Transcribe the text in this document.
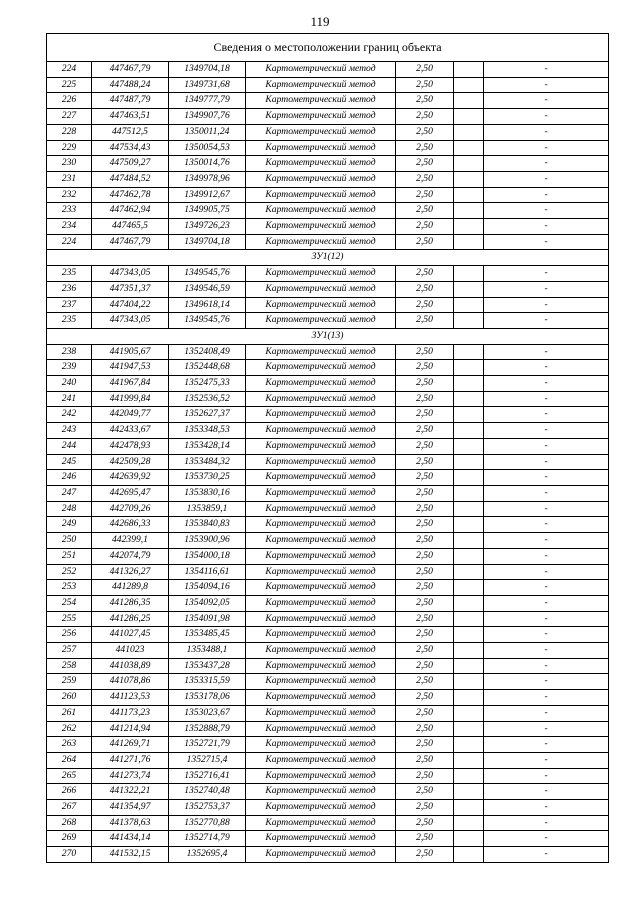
119
Сведения о местоположении границ объекта						
224	447467,79	1349704,18	Картометрический метод	2,50		-
225	447488,24	1349731,68	Картометрический метод	2,50		-
226	447487,79	1349777,79	Картометрический метод	2,50		-
227	447463,51	1349907,76	Картометрический метод	2,50		-
228	447512,5	1350011,24	Картометрический метод	2,50		-
229	447534,43	1350054,53	Картометрический метод	2,50		-
230	447509,27	1350014,76	Картометрический метод	2,50		-
231	447484,52	1349978,96	Картометрический метод	2,50		-
232	447462,78	1349912,67	Картометрический метод	2,50		-
233	447462,94	1349905,75	Картометрический метод	2,50		-
234	447465,5	1349726,23	Картометрический метод	2,50		-
224	447467,79	1349704,18	Картометрический метод	2,50		-
ЗУ1(12)						
235	447343,05	1349545,76	Картометрический метод	2,50		-
236	447351,37	1349546,59	Картометрический метод	2,50		-
237	447404,22	1349618,14	Картометрический метод	2,50		-
235	447343,05	1349545,76	Картометрический метод	2,50		-
ЗУ1(13)						
238	441905,67	1352408,49	Картометрический метод	2,50		-
239	441947,53	1352448,68	Картометрический метод	2,50		-
240	441967,84	1352475,33	Картометрический метод	2,50		-
241	441999,84	1352536,52	Картометрический метод	2,50		-
242	442049,77	1352627,37	Картометрический метод	2,50		-
243	442433,67	1353348,53	Картометрический метод	2,50		-
244	442478,93	1353428,14	Картометрический метод	2,50		-
245	442509,28	1353484,32	Картометрический метод	2,50		-
246	442639,92	1353730,25	Картометрический метод	2,50		-
247	442695,47	1353830,16	Картометрический метод	2,50		-
248	442709,26	1353859,1	Картометрический метод	2,50		-
249	442686,33	1353840,83	Картометрический метод	2,50		-
250	442399,1	1353900,96	Картометрический метод	2,50		-
251	442074,79	1354000,18	Картометрический метод	2,50		-
252	441326,27	1354116,61	Картометрический метод	2,50		-
253	441289,8	1354094,16	Картометрический метод	2,50		-
254	441286,35	1354092,05	Картометрический метод	2,50		-
255	441286,25	1354091,98	Картометрический метод	2,50		-
256	441027,45	1353485,45	Картометрический метод	2,50		-
257	441023	1353488,1	Картометрический метод	2,50		-
258	441038,89	1353437,28	Картометрический метод	2,50		-
259	441078,86	1353315,59	Картометрический метод	2,50		-
260	441123,53	1353178,06	Картометрический метод	2,50		-
261	441173,23	1353023,67	Картометрический метод	2,50		-
262	441214,94	1352888,79	Картометрический метод	2,50		-
263	441269,71	1352721,79	Картометрический метод	2,50		-
264	441271,76	1352715,4	Картометрический метод	2,50		-
265	441273,74	1352716,41	Картометрический метод	2,50		-
266	441322,21	1352740,48	Картометрический метод	2,50		-
267	441354,97	1352753,37	Картометрический метод	2,50		-
268	441378,63	1352770,88	Картометрический метод	2,50		-
269	441434,14	1352714,79	Картометрический метод	2,50		-
270	441532,15	1352695,4	Картометрический метод	2,50		-
